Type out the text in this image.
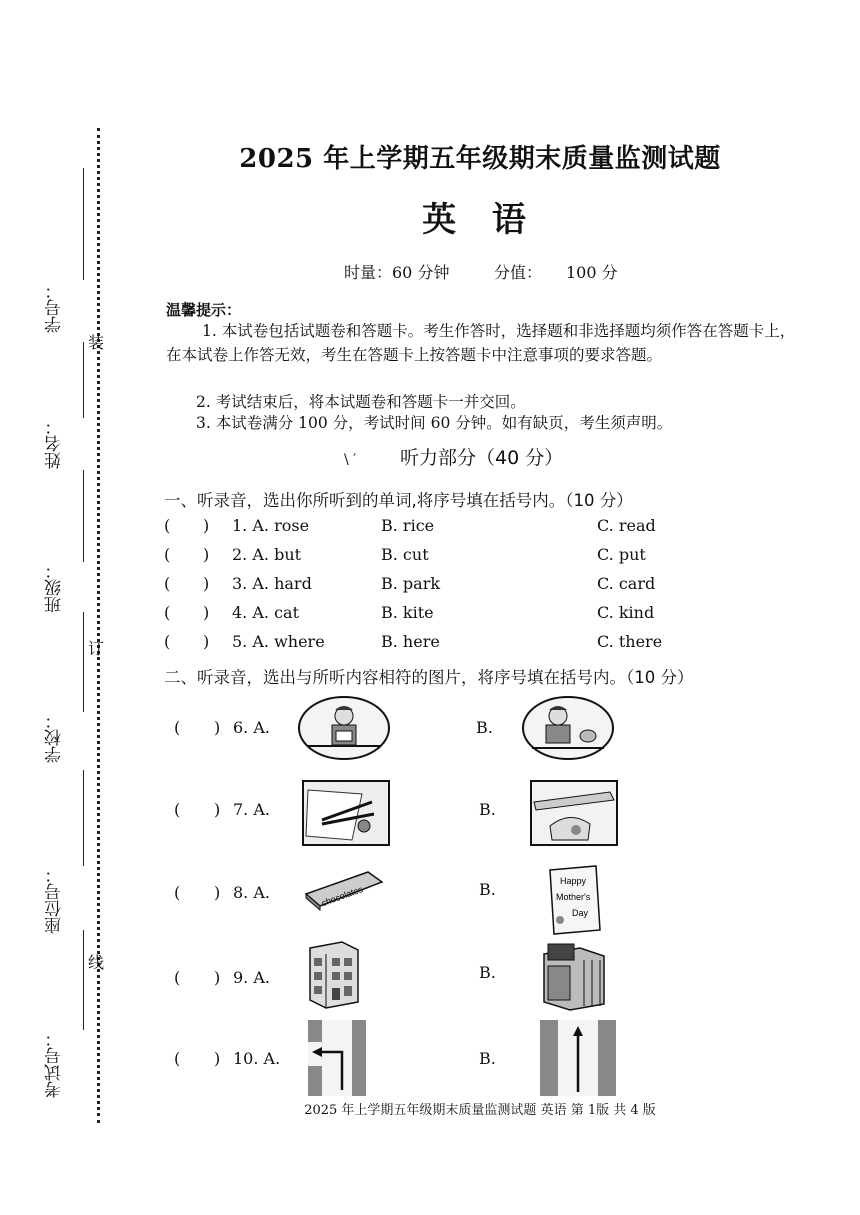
学号：
姓名：
班级：
学校：
座位号：
考试号：
装
订
线
2025 年上学期五年级期末质量监测试题
英 语
时量：60 分钟	分值： 100 分
温馨提示：
1. 本试卷包括试题卷和答题卡。考生作答时，选择题和非选择题均须作答在答题卡上，在本试卷上作答无效，考生在答题卡上按答题卡中注意事项的要求答题。
2. 考试结束后，将本试题卷和答题卡一并交回。
3. 本试卷满分 100 分，考试时间 60 分钟。如有缺页，考生须声明。
\ ′ 听力部分（40 分）
一、听录音，选出你所听到的单词,将序号填在括号内。（10 分）
( ) 1. A. rose	B. rice	C. read
( ) 2. A. but	B. cut	C. put
( ) 3. A. hard	B. park	C. card
( ) 4. A. cat	B. kite	C. kind
( ) 5. A. where	B. here	C. there
二、听录音，选出与所听内容相符的图片，将序号填在括号内。（10 分）
( ) 6. A.	B.
( ) 7. A.	B.
( ) 8. A.	B.
chocolates
Happy
Mother's
Day
( ) 9. A.	B.
( ) 10. A.	B.
2025 年上学期五年级期末质量监测试题 英语 第 1版 共 4 版
